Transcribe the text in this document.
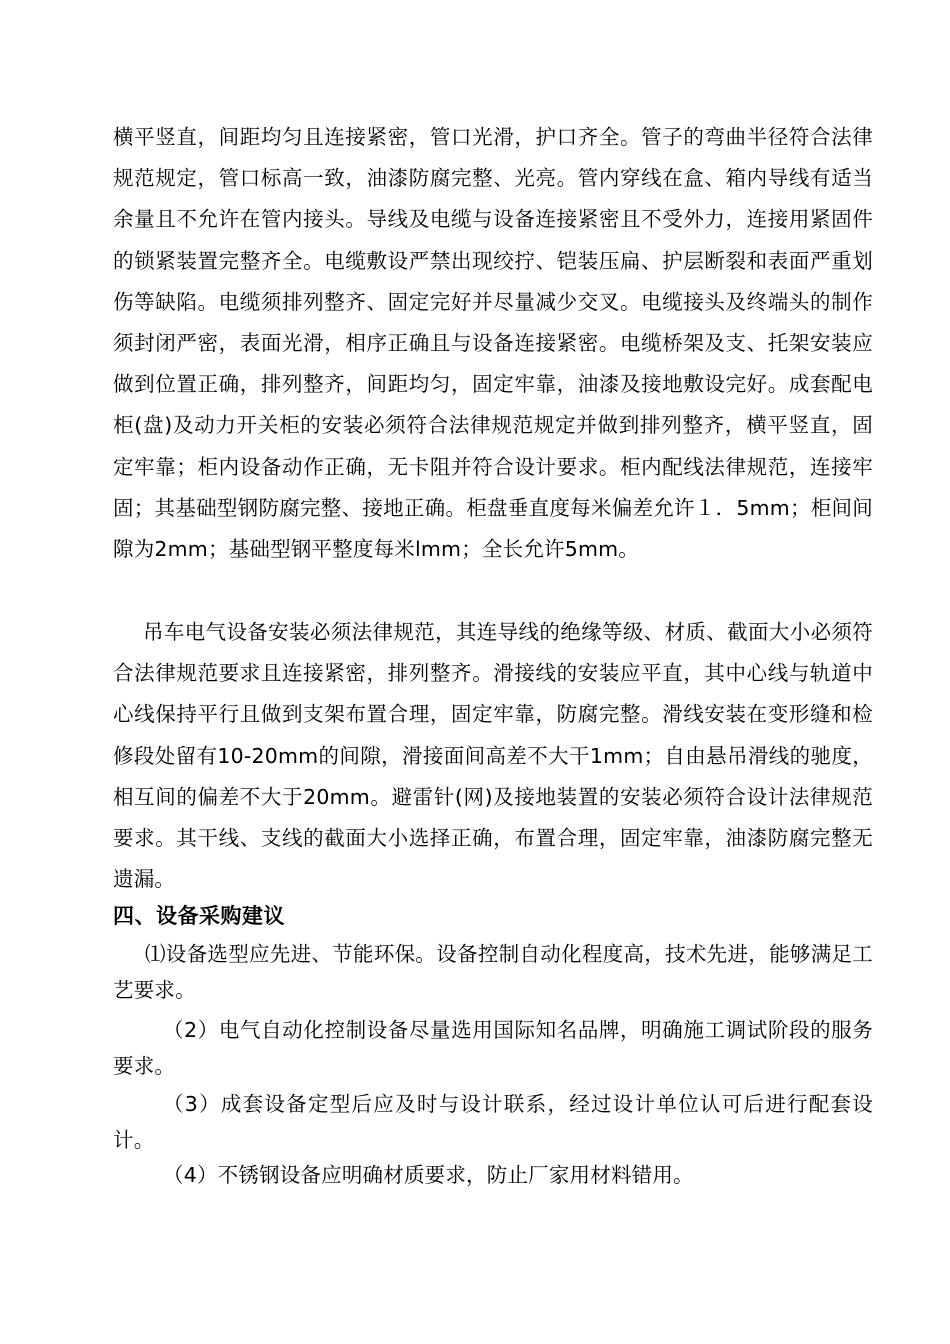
横平竖直，间距均匀且连接紧密，管口光滑，护口齐全。管子的弯曲半径符合法律规范规定，管口标高一致，油漆防腐完整、光亮。管内穿线在盒、箱内导线有适当余量且不允许在管内接头。导线及电缆与设备连接紧密且不受外力，连接用紧固件的锁紧装置完整齐全。电缆敷设严禁出现绞拧、铠装压扁、护层断裂和表面严重划伤等缺陷。电缆须排列整齐、固定完好并尽量减少交叉。电缆接头及终端头的制作须封闭严密，表面光滑，相序正确且与设备连接紧密。电缆桥架及支、托架安装应做到位置正确，排列整齐，间距均匀，固定牢靠，油漆及接地敷设完好。成套配电柜(盘)及动力开关柜的安装必须符合法律规范规定并做到排列整齐，横平竖直，固定牢靠；柜内设备动作正确，无卡阻并符合设计要求。柜内配线法律规范，连接牢固；其基础型钢防腐完整、接地正确。柜盘垂直度每米偏差允许１．5mm；柜间间隙为2mm；基础型钢平整度每米lmm；全长允许5mm。
吊车电气设备安装必须法律规范，其连导线的绝缘等级、材质、截面大小必须符合法律规范要求且连接紧密，排列整齐。滑接线的安装应平直，其中心线与轨道中心线保持平行且做到支架布置合理，固定牢靠，防腐完整。滑线安装在变形缝和检修段处留有10-20mm的间隙，滑接面间高差不大干1mm；自由悬吊滑线的驰度，相互间的偏差不大于20mm。避雷针(网)及接地装置的安装必须符合设计法律规范要求。其干线、支线的截面大小选择正确，布置合理，固定牢靠，油漆防腐完整无遗漏。
四、设备采购建议
⑴设备选型应先进、节能环保。设备控制自动化程度高，技术先进，能够满足工艺要求。
（2）电气自动化控制设备尽量选用国际知名品牌，明确施工调试阶段的服务要求。
（3）成套设备定型后应及时与设计联系，经过设计单位认可后进行配套设计。
（4）不锈钢设备应明确材质要求，防止厂家用材料错用。
